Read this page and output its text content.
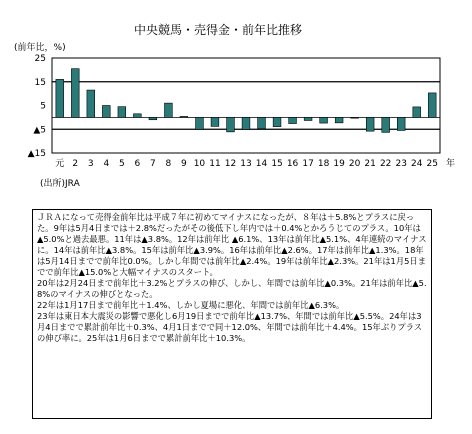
中央競馬・売得金・前年比推移
(前年比，%)
25
15
5
▲5
▲15
元 2 3 4 5 6 7 8 9 10 11 12 13 14 15 16 17 18 19 20 21 22 23 24 25 年
(出所)JRA
ＪＲＡになって売得金前年比は平成７年に初めてマイナスになったが、８年は＋5.8%とプラスに戻った。9年は5月4日までは＋2.8%だったがその後低下し年内では＋0.4%とかろうじてのプラス。10年は▲5.0%と過去最悪。11年は▲3.8%。12年は前年比 ▲6.1%、13年は前年比▲5.1%、4年連続のマイナスに。14年は前年比▲3.8%。15年は前年比▲3.9%。16年は前年比▲2.6%。17年は前年比▲1.3%。18年は5月14日までで前年比0.0%。しかし年間では前年比▲2.4%。19年は前年比▲2.3%。21年は1月5日までで前年比▲15.0%と大幅マイナスのスタート。
20年は2月24日まで前年比＋3.2%とプラスの伸び、しかし、年間では前年比▲0.3%。21年は前年比▲5.8%のマイナスの伸びとなった。
22年は1月17日まで前年比＋1.4%、しかし夏場に悪化、年間では前年比▲6.3%。
23年は東日本大震災の影響で悪化し6月19日までで前年比▲13.7%、年間では前年比▲5.5%。24年は3月4日までで累計前年比＋0.3%、4月1日までで同＋12.0%、年間では前年比＋4.4%。15年ぶりプラスの伸び率に。25年は1月6日までで累計前年比＋10.3%。
